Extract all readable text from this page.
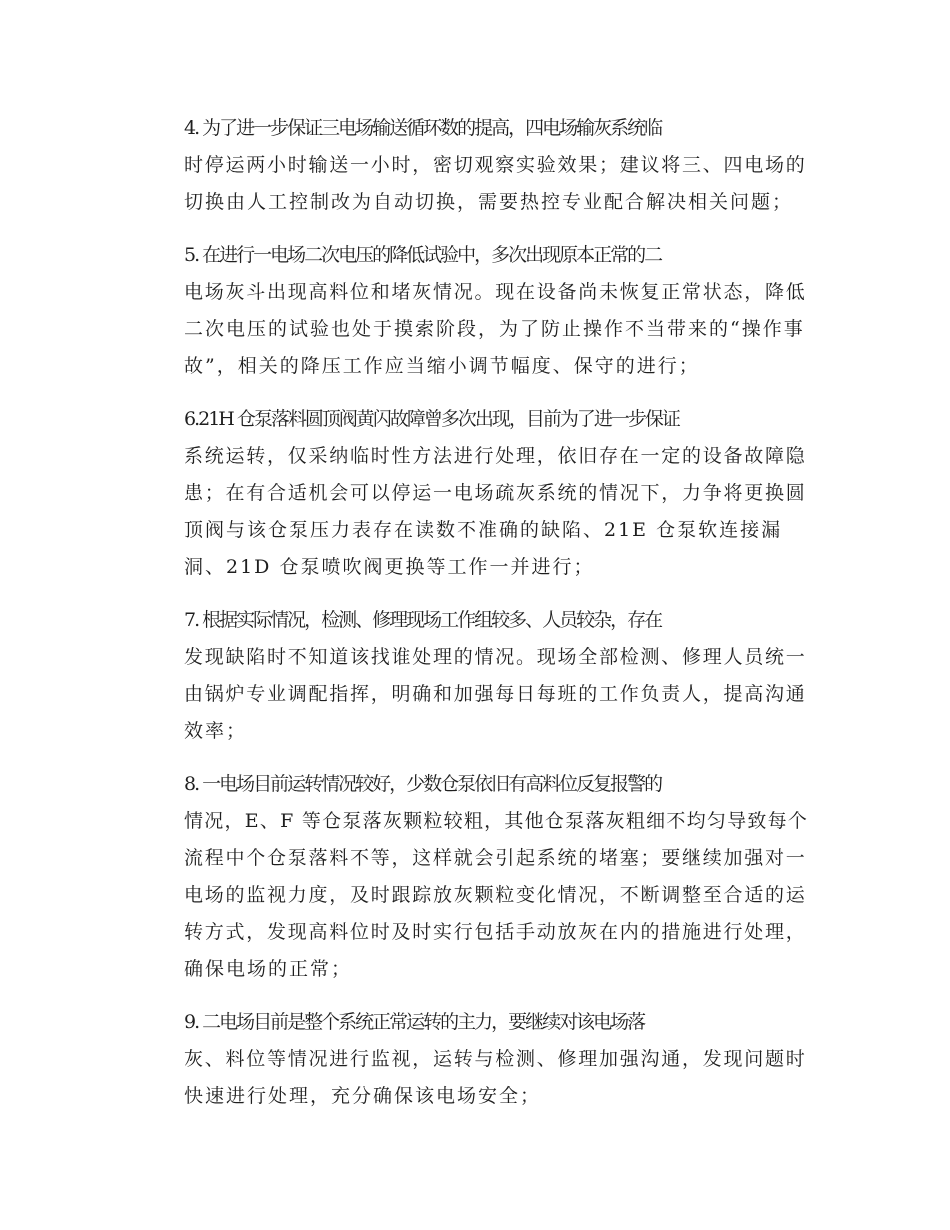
4. 为了进一步保证三电场输送循环数的提高，四电场输灰系统临
时停运两小时输送一小时，密切观察实验效果；建议将三、四电场的
切换由人工控制改为自动切换，需要热控专业配合解决相关问题；

5. 在进行一电场二次电压的降低试验中，多次出现原本正常的二
电场灰斗出现高料位和堵灰情况。现在设备尚未恢复正常状态，降低
二次电压的试验也处于摸索阶段，为了防止操作不当带来的“操作事
故”，相关的降压工作应当缩小调节幅度、保守的进行；

6.21H 仓泵落料圆顶阀黄闪故障曾多次出现，目前为了进一步保证
系统运转，仅采纳临时性方法进行处理，依旧存在一定的设备故障隐
患；在有合适机会可以停运一电场疏灰系统的情况下，力争将更换圆
顶阀与该仓泵压力表存在读数不准确的缺陷、21E 仓泵软连接漏
洞、21D 仓泵喷吹阀更换等工作一并进行；

7. 根据实际情况，检测、修理现场工作组较多、人员较杂，存在
发现缺陷时不知道该找谁处理的情况。现场全部检测、修理人员统一
由锅炉专业调配指挥，明确和加强每日每班的工作负责人，提高沟通
效率；

8. 一电场目前运转情况较好，少数仓泵依旧有高料位反复报警的
情况，E、F 等仓泵落灰颗粒较粗，其他仓泵落灰粗细不均匀导致每个
流程中个仓泵落料不等，这样就会引起系统的堵塞；要继续加强对一
电场的监视力度，及时跟踪放灰颗粒变化情况，不断调整至合适的运
转方式，发现高料位时及时实行包括手动放灰在内的措施进行处理，
确保电场的正常；

9. 二电场目前是整个系统正常运转的主力，要继续对该电场落
灰、料位等情况进行监视，运转与检测、修理加强沟通，发现问题时
快速进行处理，充分确保该电场安全；
